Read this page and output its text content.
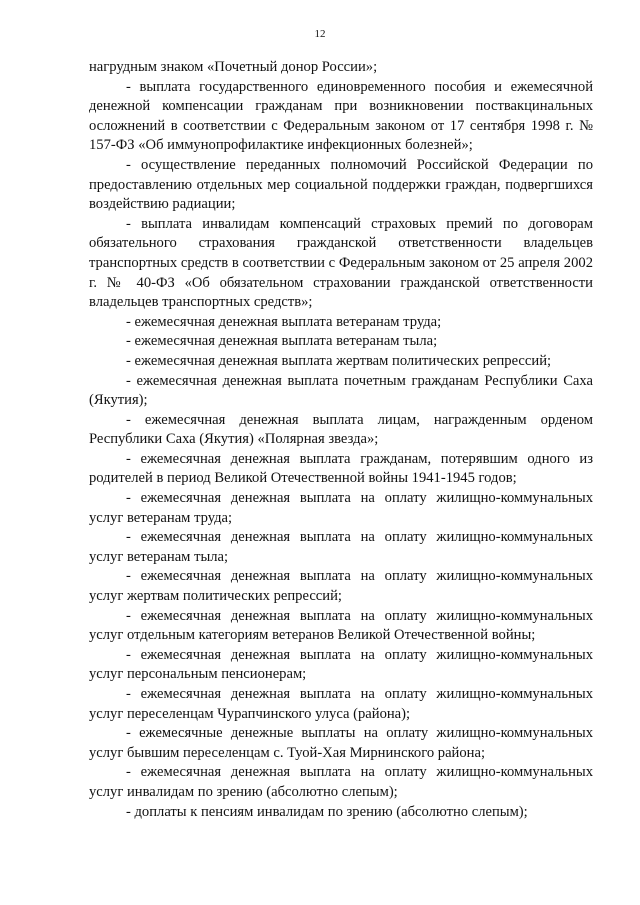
12

нагрудным знаком «Почетный донор России»;

- выплата государственного единовременного пособия и ежемесячной денежной компенсации гражданам при возникновении поствакцинальных осложнений в соответствии с Федеральным законом от 17 сентября 1998 г. № 157-ФЗ «Об иммунопрофилактике инфекционных болезней»;

- осуществление переданных полномочий Российской Федерации по предоставлению отдельных мер социальной поддержки граждан, подвергшихся воздействию радиации;

- выплата инвалидам компенсаций страховых премий по договорам обязательного страхования гражданской ответственности владельцев транспортных средств в соответствии с Федеральным законом от 25 апреля 2002 г. № 40-ФЗ «Об обязательном страховании гражданской ответственности владельцев транспортных средств»;

- ежемесячная денежная выплата ветеранам труда;

- ежемесячная денежная выплата ветеранам тыла;

- ежемесячная денежная выплата жертвам политических репрессий;

- ежемесячная денежная выплата почетным гражданам Республики Саха (Якутия);

- ежемесячная денежная выплата лицам, награжденным орденом Республики Саха (Якутия) «Полярная звезда»;

- ежемесячная денежная выплата гражданам, потерявшим одного из родителей в период Великой Отечественной войны 1941-1945 годов;

- ежемесячная денежная выплата на оплату жилищно-коммунальных услуг ветеранам труда;

- ежемесячная денежная выплата на оплату жилищно-коммунальных услуг ветеранам тыла;

- ежемесячная денежная выплата на оплату жилищно-коммунальных услуг жертвам политических репрессий;

- ежемесячная денежная выплата на оплату жилищно-коммунальных услуг отдельным категориям ветеранов Великой Отечественной войны;

- ежемесячная денежная выплата на оплату жилищно-коммунальных услуг персональным пенсионерам;

- ежемесячная денежная выплата на оплату жилищно-коммунальных услуг переселенцам Чурапчинского улуса (района);

- ежемесячные денежные выплаты на оплату жилищно-коммунальных услуг бывшим переселенцам с. Туой-Хая Мирнинского района;

- ежемесячная денежная выплата на оплату жилищно-коммунальных услуг инвалидам по зрению (абсолютно слепым);

- доплаты к пенсиям инвалидам по зрению (абсолютно слепым);
